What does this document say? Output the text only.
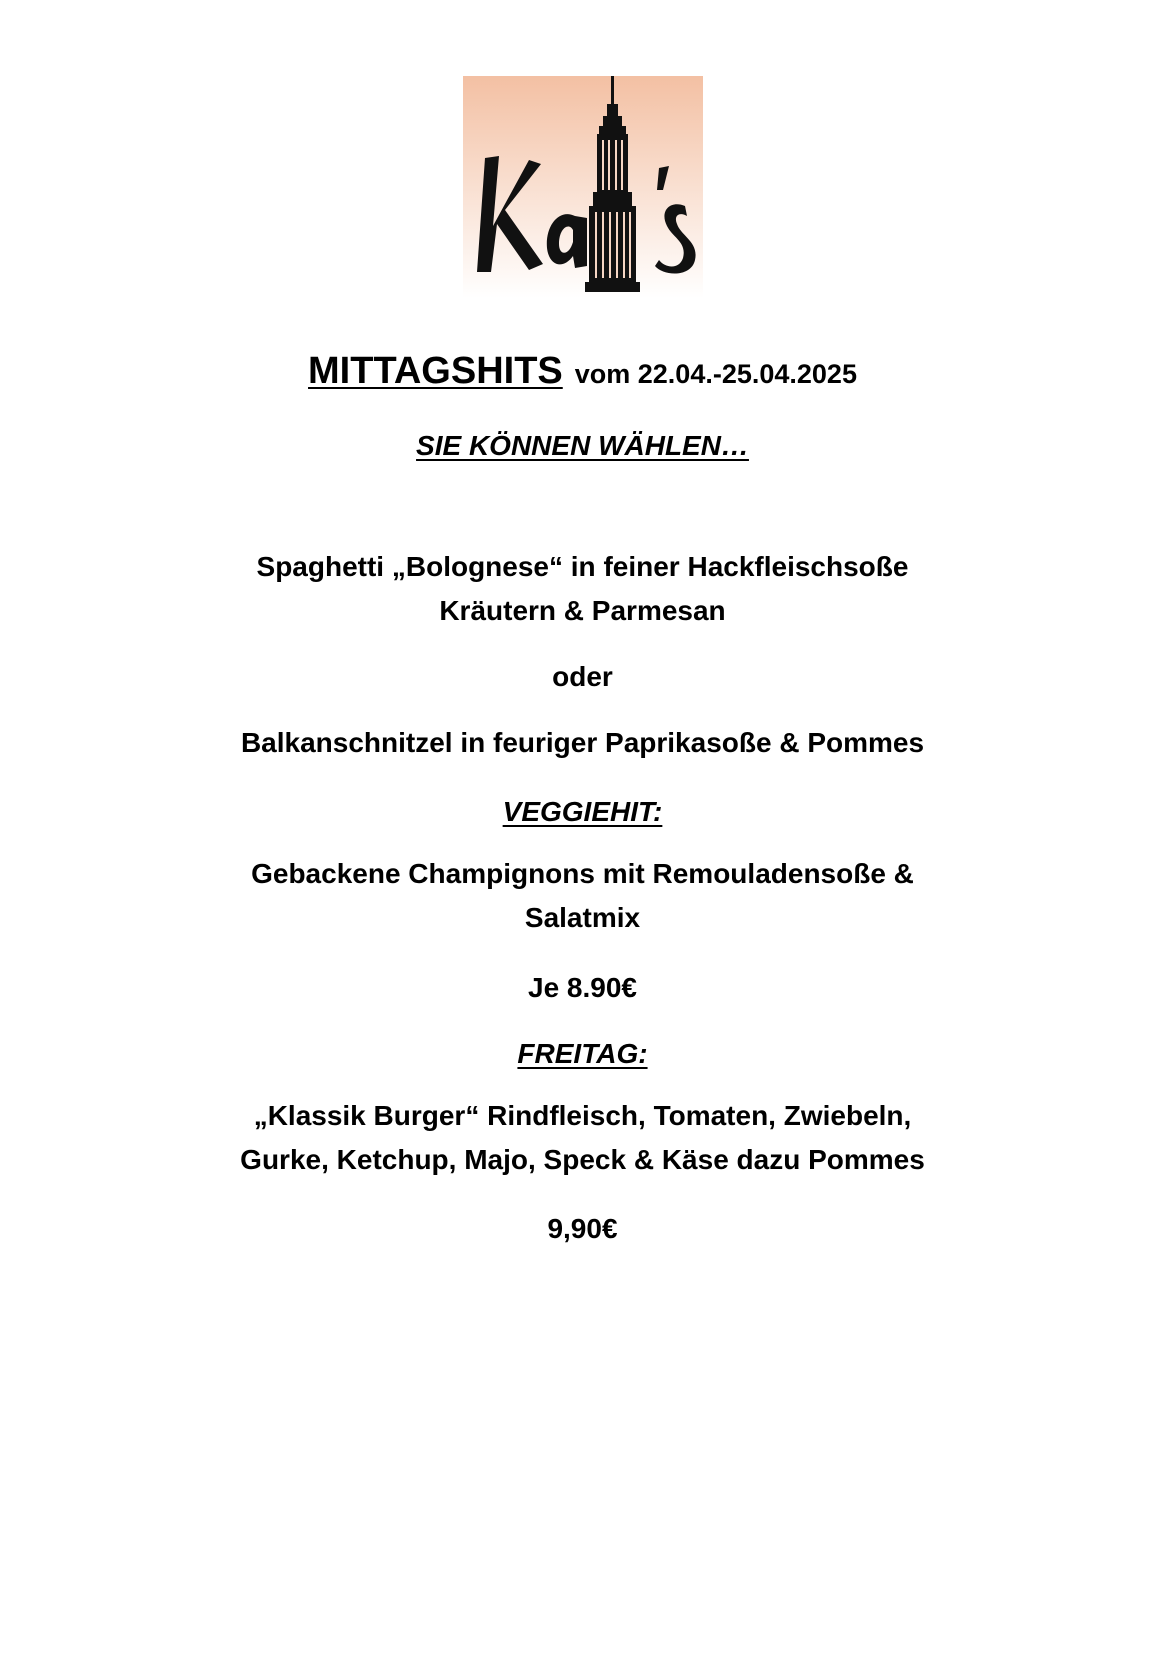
MITTAGSHITS vom 22.04.-25.04.2025
SIE KÖNNEN WÄHLEN…
Spaghetti „Bolognese“ in feiner Hackfleischsoße
Kräutern & Parmesan
oder
Balkanschnitzel in feuriger Paprikasoße & Pommes
VEGGIEHIT:
Gebackene Champignons mit Remouladensoße &
Salatmix
Je 8.90€
FREITAG:
„Klassik Burger“ Rindfleisch, Tomaten, Zwiebeln,
Gurke, Ketchup, Majo, Speck & Käse dazu Pommes
9,90€
